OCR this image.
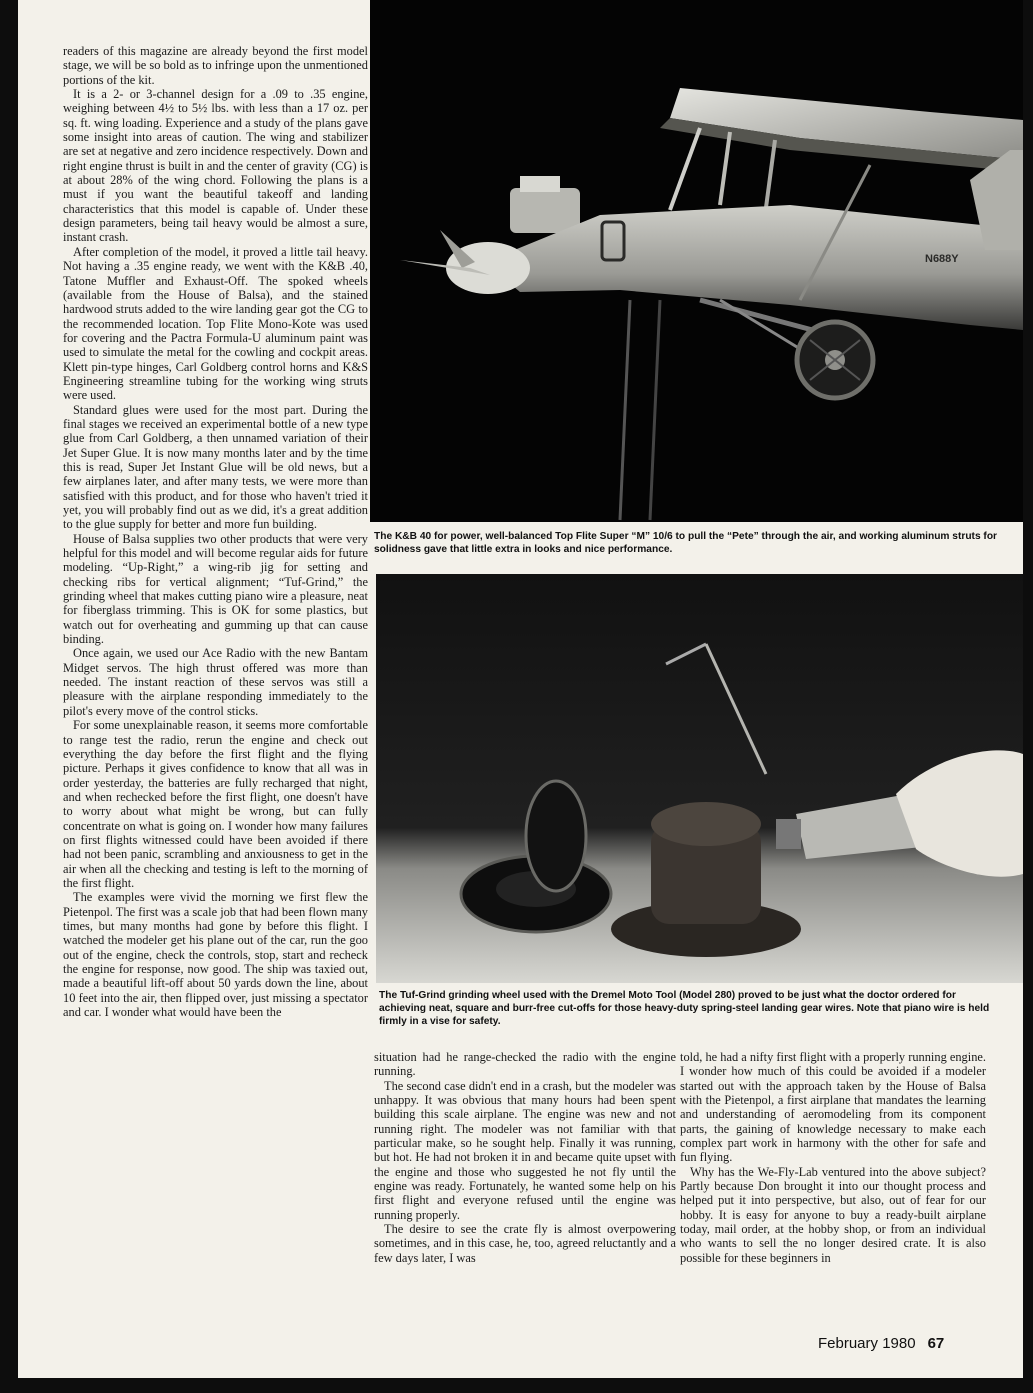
readers of this magazine are already beyond the first model stage, we will be so bold as to infringe upon the unmentioned portions of the kit.

It is a 2- or 3-channel design for a .09 to .35 engine, weighing between 4½ to 5½ lbs. with less than a 17 oz. per sq. ft. wing loading. Experience and a study of the plans gave some insight into areas of caution. The wing and stabilizer are set at negative and zero incidence respectively. Down and right engine thrust is built in and the center of gravity (CG) is at about 28% of the wing chord. Following the plans is a must if you want the beautiful takeoff and landing characteristics that this model is capable of. Under these design parameters, being tail heavy would be almost a sure, instant crash.

After completion of the model, it proved a little tail heavy. Not having a .35 engine ready, we went with the K&B .40, Tatone Muffler and Exhaust-Off. The spoked wheels (available from the House of Balsa), and the stained hardwood struts added to the wire landing gear got the CG to the recommended location. Top Flite Mono-Kote was used for covering and the Pactra Formula-U aluminum paint was used to simulate the metal for the cowling and cockpit areas. Klett pin-type hinges, Carl Goldberg control horns and K&S Engineering streamline tubing for the working wing struts were used.

Standard glues were used for the most part. During the final stages we received an experimental bottle of a new type glue from Carl Goldberg, a then unnamed variation of their Jet Super Glue. It is now many months later and by the time this is read, Super Jet Instant Glue will be old news, but a few airplanes later, and after many tests, we were more than satisfied with this product, and for those who haven't tried it yet, you will probably find out as we did, it's a great addition to the glue supply for better and more fun building.

House of Balsa supplies two other products that were very helpful for this model and will become regular aids for future modeling. “Up-Right,” a wing-rib jig for setting and checking ribs for vertical alignment; “Tuf-Grind,” the grinding wheel that makes cutting piano wire a pleasure, neat for fiberglass trimming. This is OK for some plastics, but watch out for overheating and gumming up that can cause binding.

Once again, we used our Ace Radio with the new Bantam Midget servos. The high thrust offered was more than needed. The instant reaction of these servos was still a pleasure with the airplane responding immediately to the pilot's every move of the control sticks.

For some unexplainable reason, it seems more comfortable to range test the radio, rerun the engine and check out everything the day before the first flight and the flying picture. Perhaps it gives confidence to know that all was in order yesterday, the batteries are fully recharged that night, and when rechecked before the first flight, one doesn't have to worry about what might be wrong, but can fully concentrate on what is going on. I wonder how many failures on first flights witnessed could have been avoided if there had not been panic, scrambling and anxiousness to get in the air when all the checking and testing is left to the morning of the first flight.

The examples were vivid the morning we first flew the Pietenpol. The first was a scale job that had been flown many times, but many months had gone by before this flight. I watched the modeler get his plane out of the car, run the goo out of the engine, check the controls, stop, start and recheck the engine for response, now good. The ship was taxied out, made a beautiful lift-off about 50 yards down the line, about 10 feet into the air, then flipped over, just missing a spectator and car. I wonder what would have been the

N688Y
The K&B 40 for power, well-balanced Top Flite Super “M” 10/6 to pull the “Pete” through the air, and working aluminum struts for solidness gave that little extra in looks and nice performance.
The Tuf-Grind grinding wheel used with the Dremel Moto Tool (Model 280) proved to be just what the doctor ordered for achieving neat, square and burr-free cut-offs for those heavy-duty spring-steel landing gear wires. Note that piano wire is held firmly in a vise for safety.

situation had he range-checked the radio with the engine running.

The second case didn't end in a crash, but the modeler was unhappy. It was obvious that many hours had been spent building this scale airplane. The engine was new and not running right. The modeler was not familiar with that particular make, so he sought help. Finally it was running, but hot. He had not broken it in and became quite upset with the engine and those who suggested he not fly until the engine was ready. Fortunately, he wanted some help on his first flight and everyone refused until the engine was running properly.

The desire to see the crate fly is almost overpowering sometimes, and in this case, he, too, agreed reluctantly and a few days later, I was

told, he had a nifty first flight with a properly running engine. I wonder how much of this could be avoided if a modeler started out with the approach taken by the House of Balsa with the Pietenpol, a first airplane that mandates the learning and understanding of aeromodeling from its component parts, the gaining of knowledge necessary to make each complex part work in harmony with the other for safe and fun flying.

Why has the We-Fly-Lab ventured into the above subject? Partly because Don brought it into our thought process and helped put it into perspective, but also, out of fear for our hobby. It is easy for anyone to buy a ready-built airplane today, mail order, at the hobby shop, or from an individual who wants to sell the no longer desired crate. It is also possible for these beginners in

February 1980 67
